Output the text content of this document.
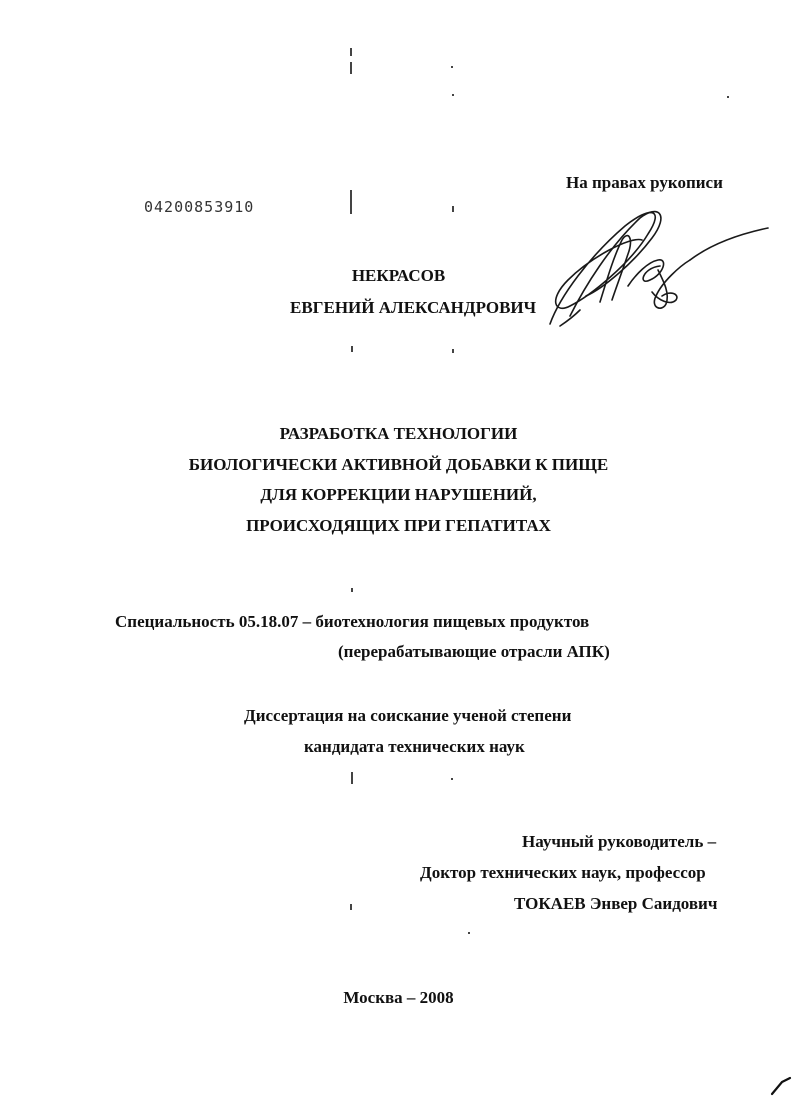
04200853910
На правах рукописи
НЕКРАСОВ
ЕВГЕНИЙ АЛЕКСАНДРОВИЧ
РАЗРАБОТКА ТЕХНОЛОГИИ
БИОЛОГИЧЕСКИ АКТИВНОЙ ДОБАВКИ К ПИЩЕ
ДЛЯ КОРРЕКЦИИ НАРУШЕНИЙ,
ПРОИСХОДЯЩИХ ПРИ ГЕПАТИТАХ
Специальность 05.18.07 – биотехнология пищевых продуктов
(перерабатывающие отрасли АПК)
Диссертация на соискание ученой степени
кандидата технических наук
Научный руководитель –
Доктор технических наук, профессор
ТОКАЕВ Энвер Саидович
Москва – 2008
